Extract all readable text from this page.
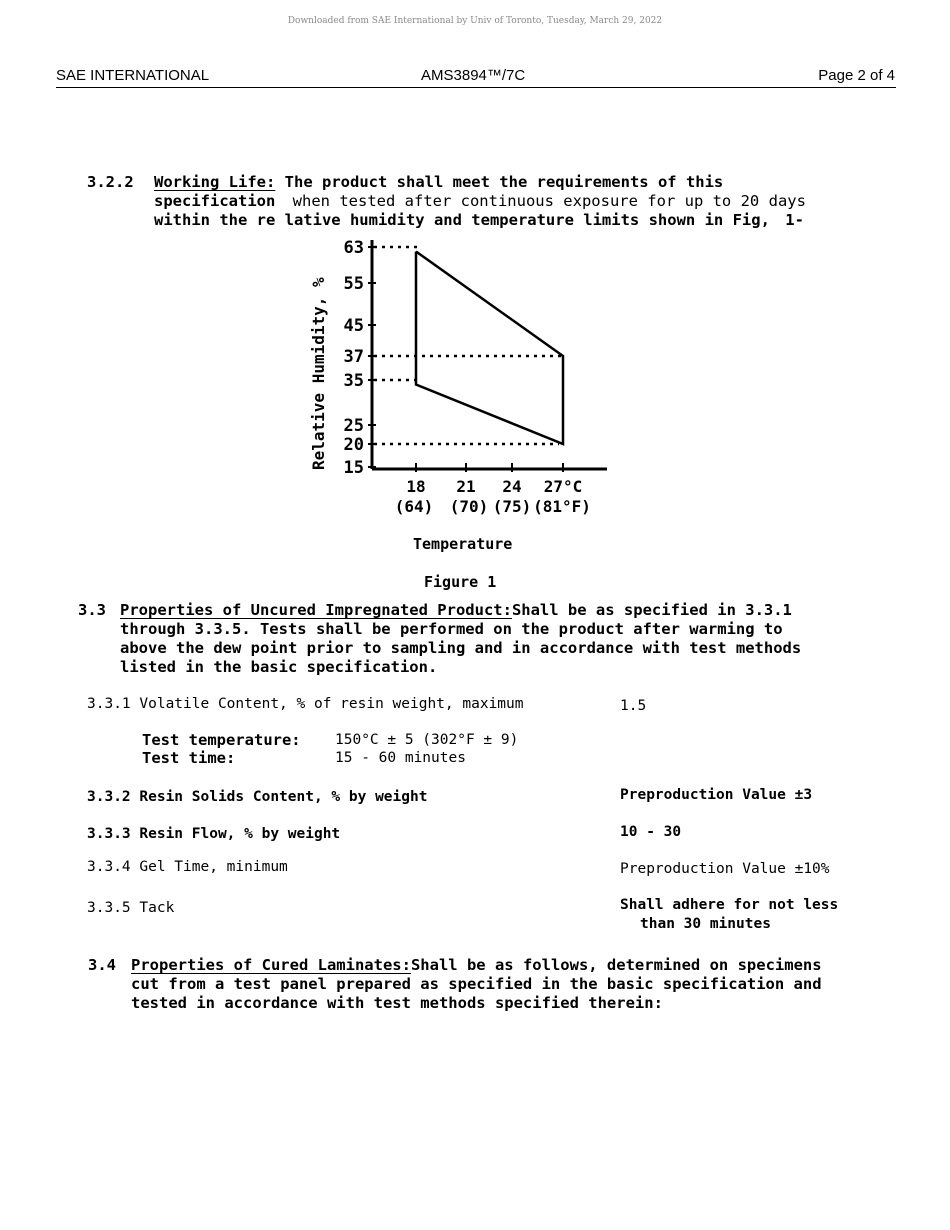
Downloaded from SAE International by Univ of Toronto, Tuesday, March 29, 2022
SAE INTERNATIONAL	AMS3894™/7C	Page 2 of 4
3.2.2 Working Life: The product shall meet the requirements of this
specification when tested after continuous exposure for up to 20 days
within the re lative humidity and temperature limits shown in Fig, 1-
63
55
45
37
35
25
20
15
18
(64)
21
(70)
24
(75)
27°C
(81°F)
Relative Humidity, %
Temperature
Figure 1
3.3 Properties of Uncured Impregnated Product:Shall be as specified in 3.3.1
through 3.3.5. Tests shall be performed on the product after warming to
above the dew point prior to sampling and in accordance with test methods
listed in the basic specification.
3.3.1 Volatile Content, % of resin weight, maximum	1.5
Test temperature: 150°C ± 5 (302°F ± 9)
Test time:	15 - 60 minutes
3.3.2 Resin Solids Content, % by weight	Preproduction Value ±3
3.3.3 Resin Flow, % by weight	10 - 30
3.3.4 Gel Time, minimum	Preproduction Value ±10%
3.3.5 Tack	Shall adhere for not less
than 30 minutes
3.4 Properties of Cured Laminates:Shall be as follows, determined on specimens
cut from a test panel prepared as specified in the basic specification and
tested in accordance with test methods specified therein:
